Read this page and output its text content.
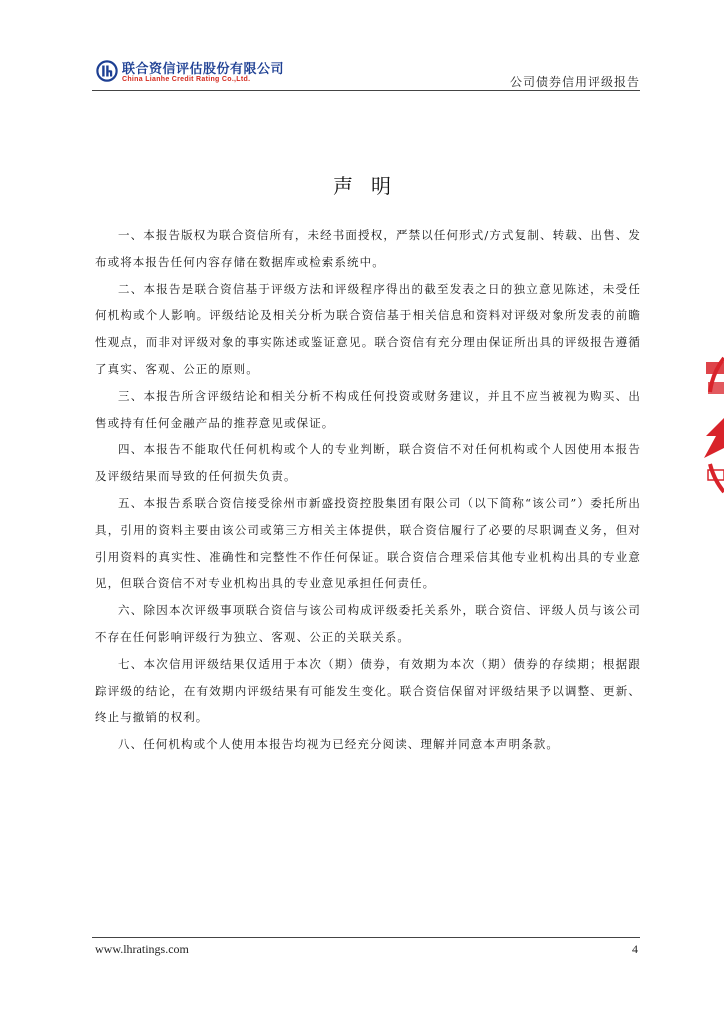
联合资信评估股份有限公司
China Lianhe Credit Rating Co.,Ltd.	公司债券信用评级报告
声明

一、本报告版权为联合资信所有，未经书面授权，严禁以任何形式/方式复制、转载、出售、发布或将本报告任何内容存储在数据库或检索系统中。

二、本报告是联合资信基于评级方法和评级程序得出的截至发表之日的独立意见陈述，未受任何机构或个人影响。评级结论及相关分析为联合资信基于相关信息和资料对评级对象所发表的前瞻性观点，而非对评级对象的事实陈述或鉴证意见。联合资信有充分理由保证所出具的评级报告遵循了真实、客观、公正的原则。

三、本报告所含评级结论和相关分析不构成任何投资或财务建议，并且不应当被视为购买、出售或持有任何金融产品的推荐意见或保证。

四、本报告不能取代任何机构或个人的专业判断，联合资信不对任何机构或个人因使用本报告及评级结果而导致的任何损失负责。

五、本报告系联合资信接受徐州市新盛投资控股集团有限公司（以下简称“该公司”）委托所出具，引用的资料主要由该公司或第三方相关主体提供，联合资信履行了必要的尽职调查义务，但对引用资料的真实性、准确性和完整性不作任何保证。联合资信合理采信其他专业机构出具的专业意见，但联合资信不对专业机构出具的专业意见承担任何责任。

六、除因本次评级事项联合资信与该公司构成评级委托关系外，联合资信、评级人员与该公司不存在任何影响评级行为独立、客观、公正的关联关系。

七、本次信用评级结果仅适用于本次（期）债券，有效期为本次（期）债券的存续期；根据跟踪评级的结论，在有效期内评级结果有可能发生变化。联合资信保留对评级结果予以调整、更新、终止与撤销的权利。

八、任何机构或个人使用本报告均视为已经充分阅读、理解并同意本声明条款。

www.lhratings.com	4
